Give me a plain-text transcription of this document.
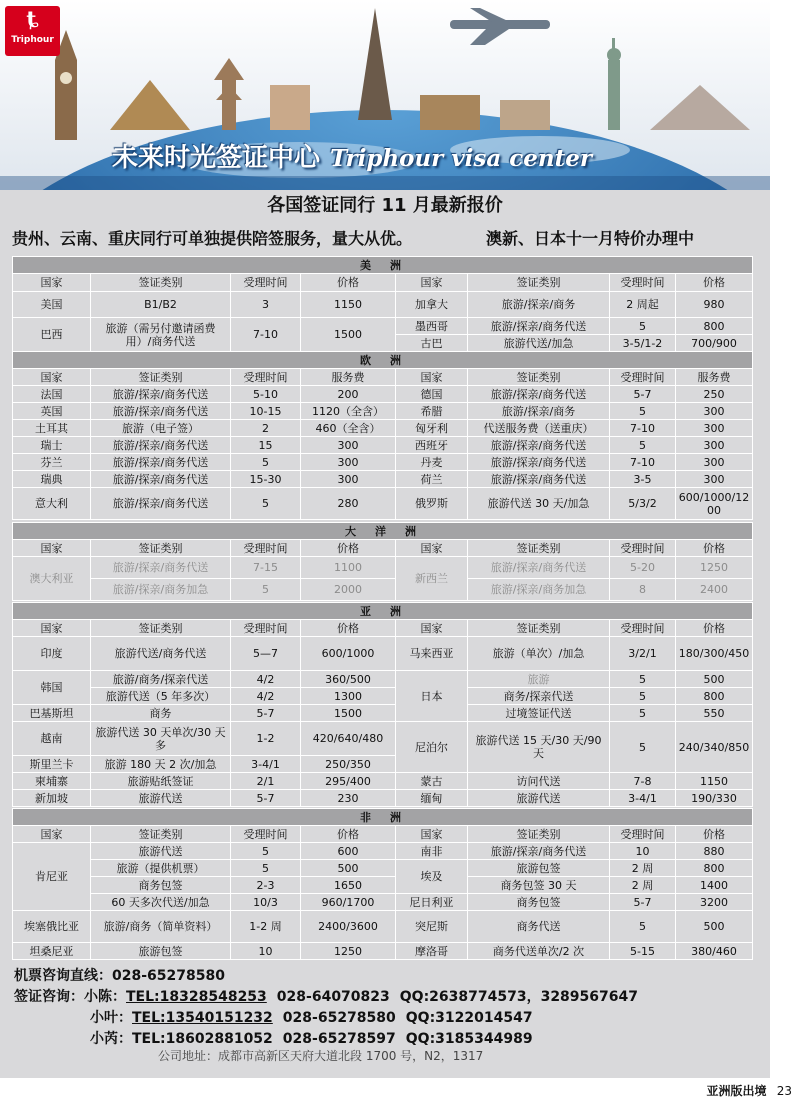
ȶ
Triphour
未来时光签证中心 Triphour visa center
各国签证同行 11 月最新报价
贵州、云南、重庆同行可单独提供陪签服务，量大从优。	澳新、日本十一月特价办理中
美　洲							
国家	签证类别	受理时间	价格	国家	签证类别	受理时间	价格
美国	B1/B2	3	1150	加拿大	旅游/探亲/商务	2 周起	980
巴西	旅游（需另付邀请函费用）/商务代送	7-10	1500	墨西哥	旅游/探亲/商务代送	5	800
				古巴	旅游代送/加急	3-5/1-2	700/900
欧　洲							
国家	签证类别	受理时间	服务费	国家	签证类别	受理时间	服务费
法国	旅游/探亲/商务代送	5-10	200	德国	旅游/探亲/商务代送	5-7	250
英国	旅游/探亲/商务代送	10-15	1120（全含）	希腊	旅游/探亲/商务	5	300
土耳其	旅游（电子签）	2	460（全含）	匈牙利	代送服务费（送重庆）	7-10	300
瑞士	旅游/探亲/商务代送	15	300	西班牙	旅游/探亲/商务代送	5	300
芬兰	旅游/探亲/商务代送	5	300	丹麦	旅游/探亲/商务代送	7-10	300
瑞典	旅游/探亲/商务代送	15-30	300	荷兰	旅游/探亲/商务代送	3-5	300
意大利	旅游/探亲/商务代送	5	280	俄罗斯	旅游代送 30 天/加急	5/3/2	600/1000/1200
大　洋　洲							
国家	签证类别	受理时间	价格	国家	签证类别	受理时间	价格
澳大利亚	旅游/探亲/商务代送	7-15	1100	新西兰	旅游/探亲/商务代送	5-20	1250
	旅游/探亲/商务加急	5	2000		旅游/探亲/商务加急	8	2400
亚　洲							
国家	签证类别	受理时间	价格	国家	签证类别	受理时间	价格
印度	旅游代送/商务代送	5—7	600/1000	马来西亚	旅游（单次）/加急	3/2/1	180/300/450
韩国	旅游/商务/探亲代送	4/2	360/500	日本	旅游	5	500
	旅游代送（5 年多次）	4/2	1300		商务/探亲代送	5	800
巴基斯坦	商务	5-7	1500		过境签证代送	5	550
越南	旅游代送 30 天单次/30 天多	1-2	420/640/480	尼泊尔	旅游代送 15 天/30 天/90 天	5	240/340/850
斯里兰卡	旅游 180 天 2 次/加急	3-4/1	250/350				
柬埔寨	旅游贴纸签证	2/1	295/400	蒙古	访问代送	7-8	1150
新加坡	旅游代送	5-7	230	缅甸	旅游代送	3-4/1	190/330
非　洲							
国家	签证类别	受理时间	价格	国家	签证类别	受理时间	价格
肯尼亚	旅游代送	5	600	南非	旅游/探亲/商务代送	10	880
	旅游（提供机票）	5	500	埃及	旅游包签	2 周	800
	商务包签	2-3	1650		商务包签 30 天	2 周	1400
	60 天多次代送/加急	10/3	960/1700	尼日利亚	商务包签	5-7	3200
埃塞俄比亚	旅游/商务（简单资料）	1-2 周	2400/3600	突尼斯	商务代送	5	500
坦桑尼亚	旅游包签	10	1250	摩洛哥	商务代送单次/2 次	5-15	380/460
机票咨询直线：028-65278580
签证咨询：小陈：TEL:18328548253 028-64070823 QQ:2638774573，3289567647
小叶：TEL:13540151232 028-65278580 QQ:3122014547
小芮：TEL:18602881052 028-65278597 QQ:3185344989
公司地址：成都市高新区天府大道北段 1700 号，N2，1317
亚洲版出境 23
